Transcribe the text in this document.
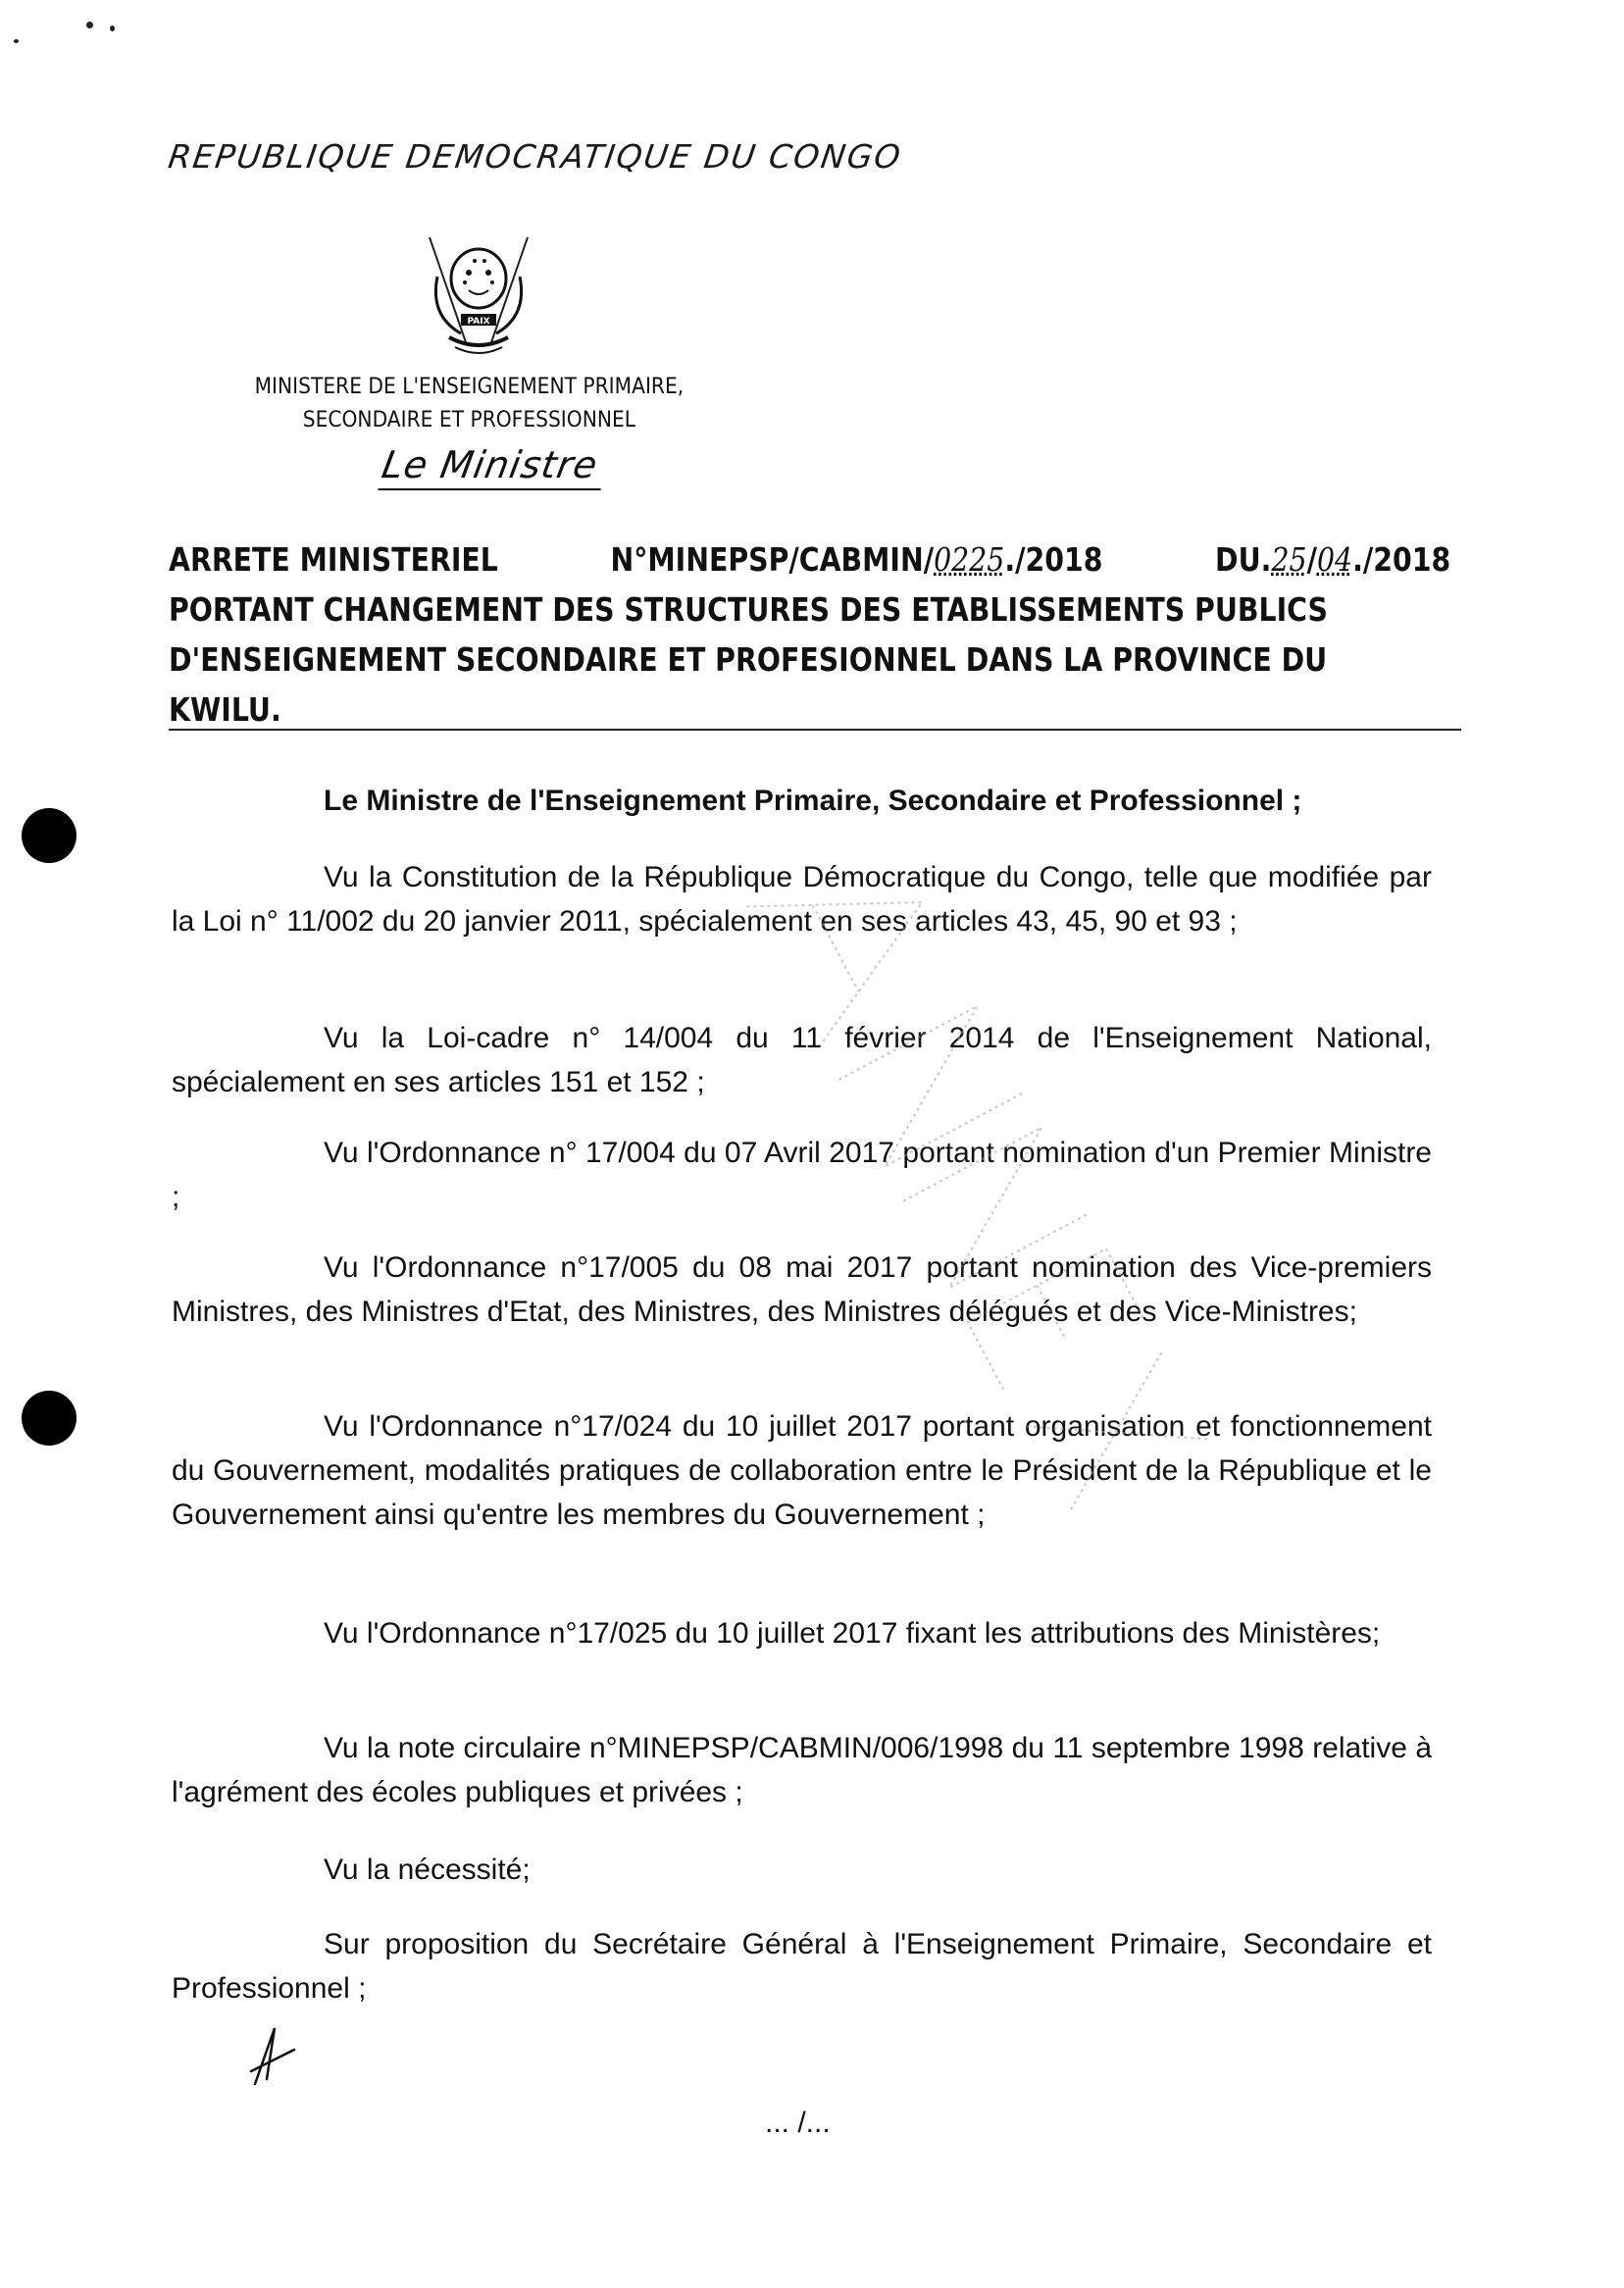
REPUBLIQUE DEMOCRATIQUE DU CONGO
PAIX
MINISTERE DE L'ENSEIGNEMENT PRIMAIRE,
SECONDAIRE ET PROFESSIONNEL
Le Ministre
ARRETE MINISTERIEL	N°MINEPSP/CABMIN/0225./2018	DU.25/04./2018
PORTANT CHANGEMENT DES STRUCTURES DES ETABLISSEMENTS PUBLICS
D'ENSEIGNEMENT SECONDAIRE ET PROFESIONNEL DANS LA PROVINCE DU
KWILU.
Le Ministre de l'Enseignement Primaire, Secondaire et Professionnel ;
Vu la Constitution de la République Démocratique du Congo, telle que modifiée par la Loi n° 11/002 du 20 janvier 2011, spécialement en ses articles 43, 45, 90 et 93 ;
Vu la Loi-cadre n° 14/004 du 11 février 2014 de l'Enseignement National, spécialement en ses articles 151 et 152 ;
Vu l'Ordonnance n° 17/004 du 07 Avril 2017 portant nomination d'un Premier Ministre ;
Vu l'Ordonnance n°17/005 du 08 mai 2017 portant nomination des Vice-premiers Ministres, des Ministres d'Etat, des Ministres, des Ministres délégués et des Vice-Ministres;
Vu l'Ordonnance n°17/024 du 10 juillet 2017 portant organisation et fonctionnement du Gouvernement, modalités pratiques de collaboration entre le Président de la République et le Gouvernement ainsi qu'entre les membres du Gouvernement ;
Vu l'Ordonnance n°17/025 du 10 juillet 2017 fixant les attributions des Ministères;
Vu la note circulaire n°MINEPSP/CABMIN/006/1998 du 11 septembre 1998 relative à l'agrément des écoles publiques et privées ;
Vu la nécessité;
Sur proposition du Secrétaire Général à l'Enseignement Primaire, Secondaire et Professionnel ;
... /...
